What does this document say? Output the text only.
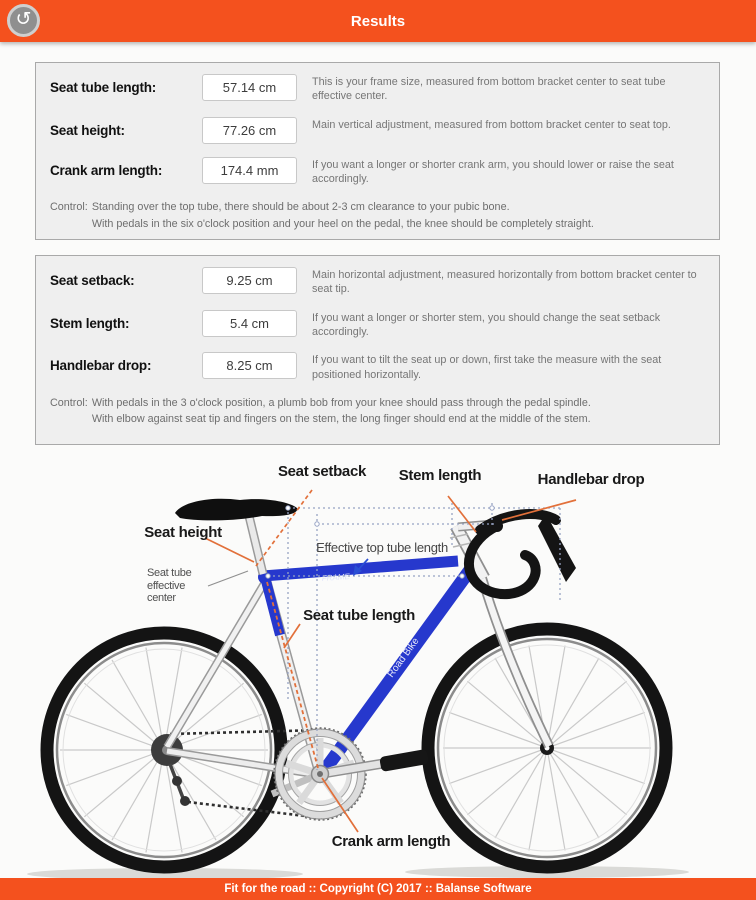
↺	Results
Seat tube length:	57.14 cm	This is your frame size, measured from bottom bracket center to seat tube effective center.
Seat height:	77.26 cm	Main vertical adjustment, measured from bottom bracket center to seat top.
Crank arm length:	174.4 mm	If you want a longer or shorter crank arm, you should lower or raise the seat accordingly.
Control: Standing over the top tube, there should be about 2-3 cm clearance to your pubic bone.
With pedals in the six o'clock position and your heel on the pedal, the knee should be completely straight.
Seat setback:	9.25 cm	Main horizontal adjustment, measured horizontally from bottom bracket center to seat tip.
Stem length:	5.4 cm	If you want a longer or shorter stem, you should change the seat setback accordingly.
Handlebar drop:	8.25 cm	If you want to tilt the seat up or down, first take the measure with the seat positioned horizontally.
Control: With pedals in the 3 o'clock position, a plumb bob from your knee should pass through the pedal spindle.
With elbow against seat tip and fingers on the stem, the long finger should end at the middle of the stem.
FRAME
Road Bike
Seat setback	Stem length	Handlebar drop
Seat height
Seat tube
effective
center
Effective top tube length
Seat tube length
Crank arm length
Fit for the road :: Copyright (C) 2017 :: Balanse Software
